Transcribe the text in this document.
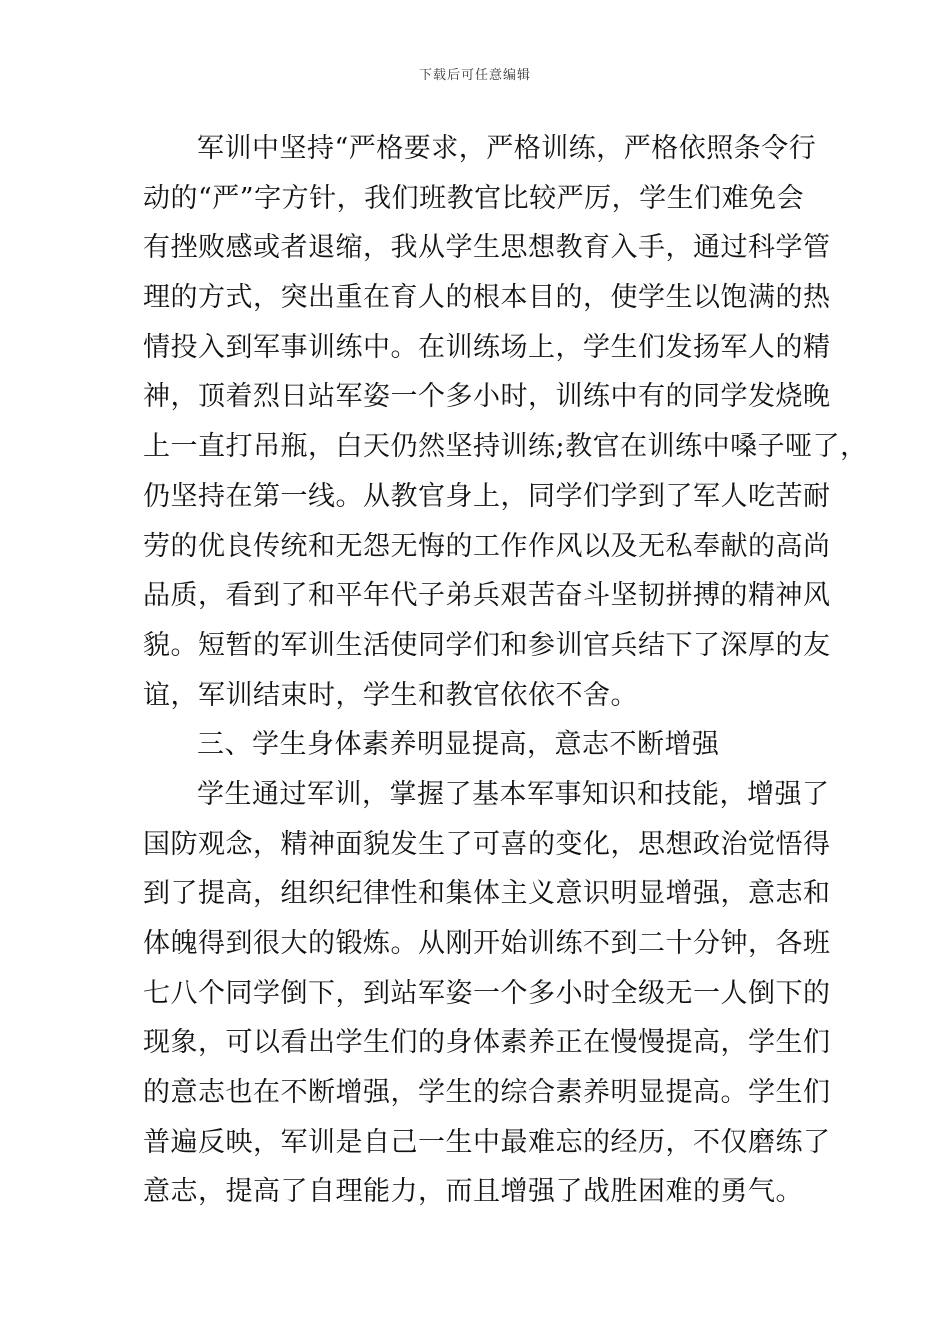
下载后可任意编辑
军训中坚持“严格要求，严格训练，严格依照条令行
动的“严”字方针，我们班教官比较严厉，学生们难免会
有挫败感或者退缩，我从学生思想教育入手，通过科学管
理的方式，突出重在育人的根本目的，使学生以饱满的热
情投入到军事训练中。在训练场上，学生们发扬军人的精
神，顶着烈日站军姿一个多小时，训练中有的同学发烧晚
上一直打吊瓶，白天仍然坚持训练;教官在训练中嗓子哑了，
仍坚持在第一线。从教官身上，同学们学到了军人吃苦耐
劳的优良传统和无怨无悔的工作作风以及无私奉献的高尚
品质，看到了和平年代子弟兵艰苦奋斗坚韧拼搏的精神风
貌。短暂的军训生活使同学们和参训官兵结下了深厚的友
谊，军训结束时，学生和教官依依不舍。
三、学生身体素养明显提高，意志不断增强
学生通过军训，掌握了基本军事知识和技能，增强了
国防观念，精神面貌发生了可喜的变化，思想政治觉悟得
到了提高，组织纪律性和集体主义意识明显增强，意志和
体魄得到很大的锻炼。从刚开始训练不到二十分钟，各班
七八个同学倒下，到站军姿一个多小时全级无一人倒下的
现象，可以看出学生们的身体素养正在慢慢提高，学生们
的意志也在不断增强，学生的综合素养明显提高。学生们
普遍反映，军训是自己一生中最难忘的经历，不仅磨练了
意志，提高了自理能力，而且增强了战胜困难的勇气。
